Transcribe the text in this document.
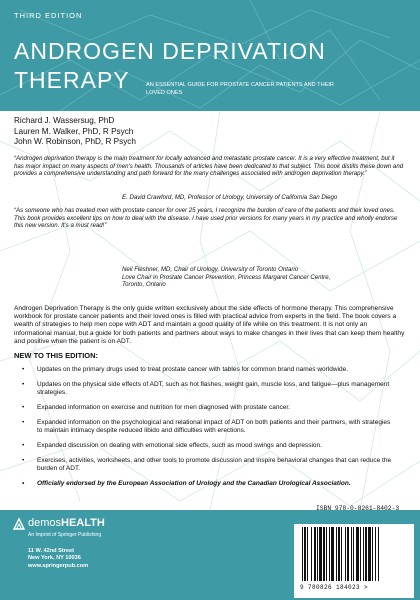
THIRD EDITION
ANDROGEN DEPRIVATION
THERAPY	AN ESSENTIAL GUIDE FOR PROSTATE CANCER PATIENTS AND THEIR LOVED ONES
Richard J. Wassersug, PhD
Lauren M. Walker, PhD, R Psych
John W. Robinson, PhD, R Psych
“Androgen deprivation therapy is the main treatment for locally advanced and metastatic prostate cancer. It is a very effective treatment, but it has major impact on many aspects of men’s health. Thousands of articles have been dedicated to that subject. This book distills these down and provides a comprehensive understanding and path forward for the many challenges associated with androgen deprivation therapy.”
E. David Crawford, MD, Professor of Urology, University of California San Diego
“As someone who has treated men with prostate cancer for over 25 years, I recognize the burden of care of the patients and their loved ones. This book provides excellent tips on how to deal with the disease. I have used prior versions for many years in my practice and wholly endorse this new version. It’s a must read!”
Neil Fleshner, MD, Chair of Urology, University of Toronto Ontario
Love Chair in Prostate Cancer Prevention, Princess Margaret Cancer Centre,
Toronto, Ontario
Androgen Deprivation Therapy is the only guide written exclusively about the side effects of hormone therapy. This comprehensive workbook for prostate cancer patients and their loved ones is filled with practical advice from experts in the field. The book covers a wealth of strategies to help men cope with ADT and maintain a good quality of life while on this treatment. It is not only an informational manual, but a guide for both patients and partners about ways to make changes in their lives that can keep them healthy and positive when the patient is on ADT.
NEW TO THIS EDITION:
• Updates on the primary drugs used to treat prostate cancer with tables for common brand names worldwide.
• Updates on the physical side effects of ADT, such as hot flashes, weight gain, muscle loss, and fatigue—plus management strategies.
• Expanded information on exercise and nutrition for men diagnosed with prostate cancer.
• Expanded information on the psychological and relational impact of ADT on both patients and their partners, with strategies to maintain intimacy despite reduced libido and difficulties with erections.
• Expanded discussion on dealing with emotional side effects, such as mood swings and depression.
• Exercises, activities, worksheets, and other tools to promote discussion and inspire behavioral changes that can reduce the burden of ADT.
• Officially endorsed by the European Association of Urology and the Canadian Urological Association.
demosHEALTH
An Imprint of Springer Publishing
11 W. 42nd Street
New York, NY 10036
www.springerpub.com
ISBN 978-0-8261-8402-3
9 780826 184023 >
